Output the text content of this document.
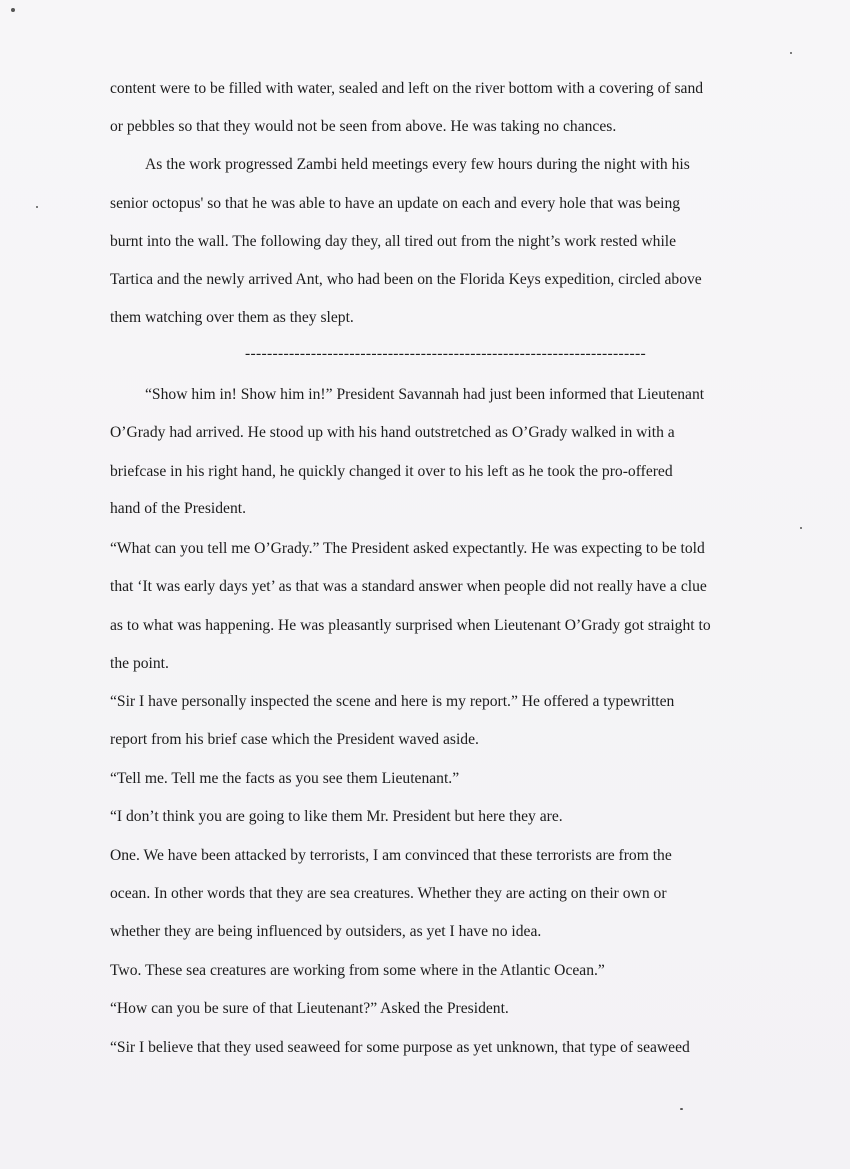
content were to be filled with water, sealed and left on the river bottom with a covering of sand
or pebbles so that they would not be seen from above. He was taking no chances.
As the work progressed Zambi held meetings every few hours during the night with his
senior octopus' so that he was able to have an update on each and every hole that was being
burnt into the wall. The following day they, all tired out from the night’s work rested while
Tartica and the newly arrived Ant, who had been on the Florida Keys expedition, circled above
them watching over them as they slept.
-------------------------------------------------------------------------
“Show him in! Show him in!” President Savannah had just been informed that Lieutenant
O’Grady had arrived. He stood up with his hand outstretched as O’Grady walked in with a
briefcase in his right hand, he quickly changed it over to his left as he took the pro-offered
hand of the President.
“What can you tell me O’Grady.” The President asked expectantly. He was expecting to be told
that ‘It was early days yet’ as that was a standard answer when people did not really have a clue
as to what was happening. He was pleasantly surprised when Lieutenant O’Grady got straight to
the point.
“Sir I have personally inspected the scene and here is my report.” He offered a typewritten
report from his brief case which the President waved aside.
“Tell me. Tell me the facts as you see them Lieutenant.”
“I don’t think you are going to like them Mr. President but here they are.
One. We have been attacked by terrorists, I am convinced that these terrorists are from the
ocean. In other words that they are sea creatures. Whether they are acting on their own or
whether they are being influenced by outsiders, as yet I have no idea.
Two. These sea creatures are working from some where in the Atlantic Ocean.”
“How can you be sure of that Lieutenant?” Asked the President.
“Sir I believe that they used seaweed for some purpose as yet unknown, that type of seaweed
